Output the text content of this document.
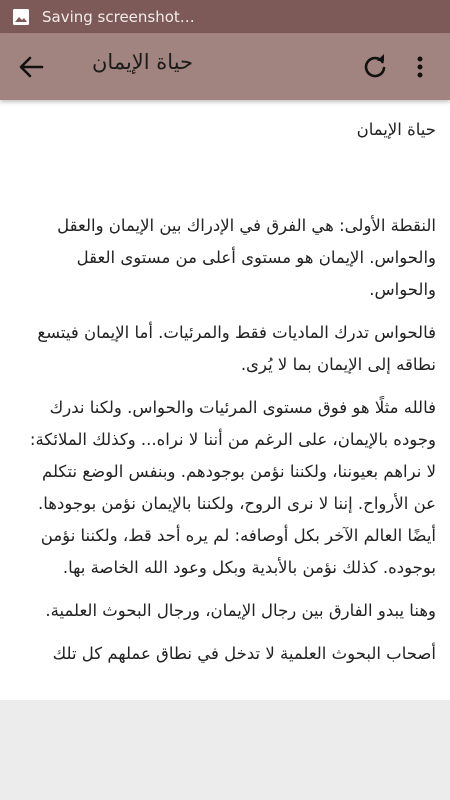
Saving screenshot…
حياة الإيمان

حياة الإيمان

النقطة الأولى: هي الفرق في الإدراك بين الإيمان والعقل والحواس. الإيمان هو مستوى أعلى من مستوى العقل والحواس.

فالحواس تدرك الماديات فقط والمرئيات. أما الإيمان فيتسع نطاقه إلى الإيمان بما لا يُرى.

فالله مثلًا هو فوق مستوى المرئيات والحواس. ولكنا ندرك وجوده بالإيمان، على الرغم من أننا لا نراه... وكذلك الملائكة: لا نراهم بعيوننا، ولكننا نؤمن بوجودهم. وبنفس الوضع نتكلم عن الأرواح. إننا لا نرى الروح، ولكننا بالإيمان نؤمن بوجودها. أيضًا العالم الآخر بكل أوصافه: لم يره أحد قط، ولكننا نؤمن بوجوده. كذلك نؤمن بالأبدية وبكل وعود الله الخاصة بها.

وهنا يبدو الفارق بين رجال الإيمان، ورجال البحوث العلمية.

أصحاب البحوث العلمية لا تدخل في نطاق عملهم كل تلك
